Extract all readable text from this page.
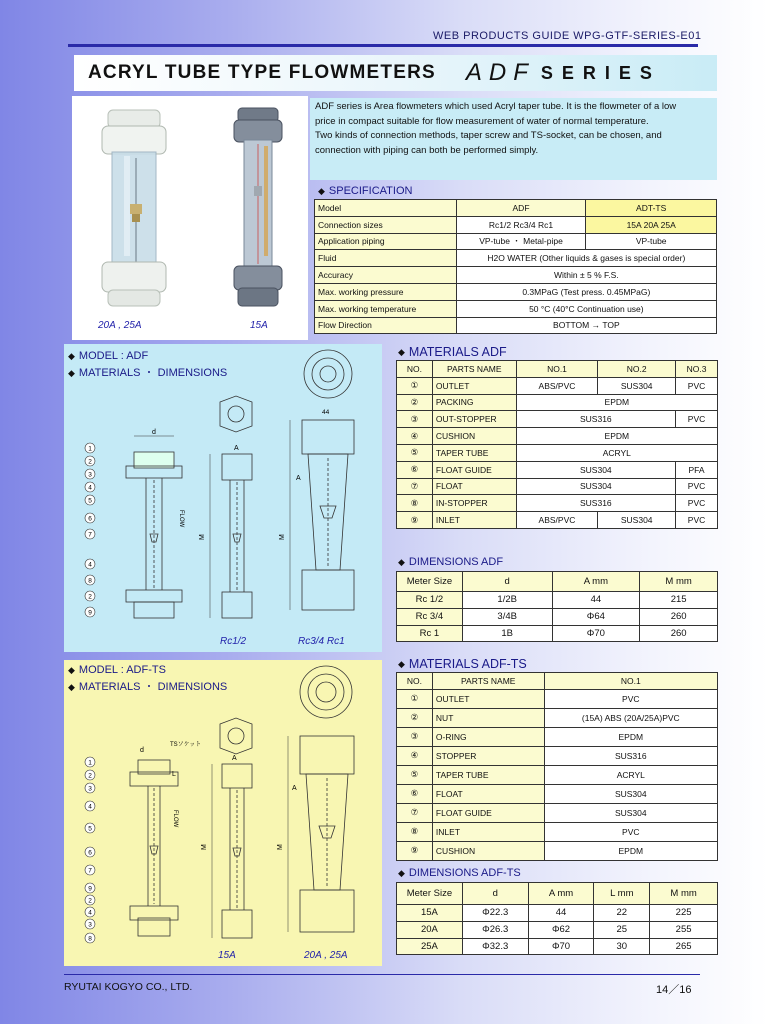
WEB PRODUCTS GUIDE WPG-GTF-SERIES-E01
ACRYL TUBE TYPE FLOWMETERS ADF SERIES
20A , 25A	15A
ADF series is Area flowmeters which used Acryl taper tube. It is the flowmeter of a low
price in compact suitable for flow measurement of water of normal temperature.
Two kinds of connection methods, taper screw and TS-socket, can be chosen, and
connection with piping can both be performed simply.
◆ SPECIFICATION
Model	ADF	ADT-TS
Connection sizes	Rc1/2 Rc3/4 Rc1	15A 20A 25A
Application piping	VP-tube ・ Metal-pipe	VP-tube
Fluid	H2O WATER (Other liquids & gases is special order)	
Accuracy	Within ± 5 % F.S.	
Max. working pressure	0.3MPaG (Test press. 0.45MPaG)	
Max. working temperature	50 °C (40°C Continuation use)	
Flow Direction	BOTTOM → TOP	
◆ MODEL : ADF
◆ MATERIALS ・ DIMENSIONS
d
1
2
3
4
5
6
7
4
8
2
9
FLOW
A
M
44
A
M
Rc1/2	Rc3/4 Rc1
◆ MATERIALS ADF
NO.	PARTS NAME	NO.1	NO.2	NO.3
①	OUTLET	ABS/PVC	SUS304	PVC
②	PACKING	EPDM		
③	OUT-STOPPER	SUS316		PVC
④	CUSHION	EPDM		
⑤	TAPER TUBE	ACRYL		
⑥	FLOAT GUIDE	SUS304		PFA
⑦	FLOAT	SUS304		PVC
⑧	IN-STOPPER	SUS316		PVC
⑨	INLET	ABS/PVC	SUS304	PVC
◆ DIMENSIONS ADF
Meter Size	d	A mm	M mm
Rc 1/2	1/2B	44	215
Rc 3/4	3/4B	Φ64	260
Rc 1	1B	Φ70	260
◆ MODEL : ADF-TS
◆ MATERIALS ・ DIMENSIONS
d
TSソケット
L
1
2
3
4
5
6
7
9
2
4
3
8
FLOW
A
M
A
M
15A	20A , 25A
◆ MATERIALS ADF-TS
NO.	PARTS NAME	NO.1
①	OUTLET	PVC
②	NUT	(15A) ABS (20A/25A)PVC
③	O-RING	EPDM
④	STOPPER	SUS316
⑤	TAPER TUBE	ACRYL
⑥	FLOAT	SUS304
⑦	FLOAT GUIDE	SUS304
⑧	INLET	PVC
⑨	CUSHION	EPDM
◆ DIMENSIONS ADF-TS
Meter Size	d	A mm	L mm	M mm
15A	Φ22.3	44	22	225
20A	Φ26.3	Φ62	25	255
25A	Φ32.3	Φ70	30	265
RYUTAI KOGYO CO., LTD.	14／16
